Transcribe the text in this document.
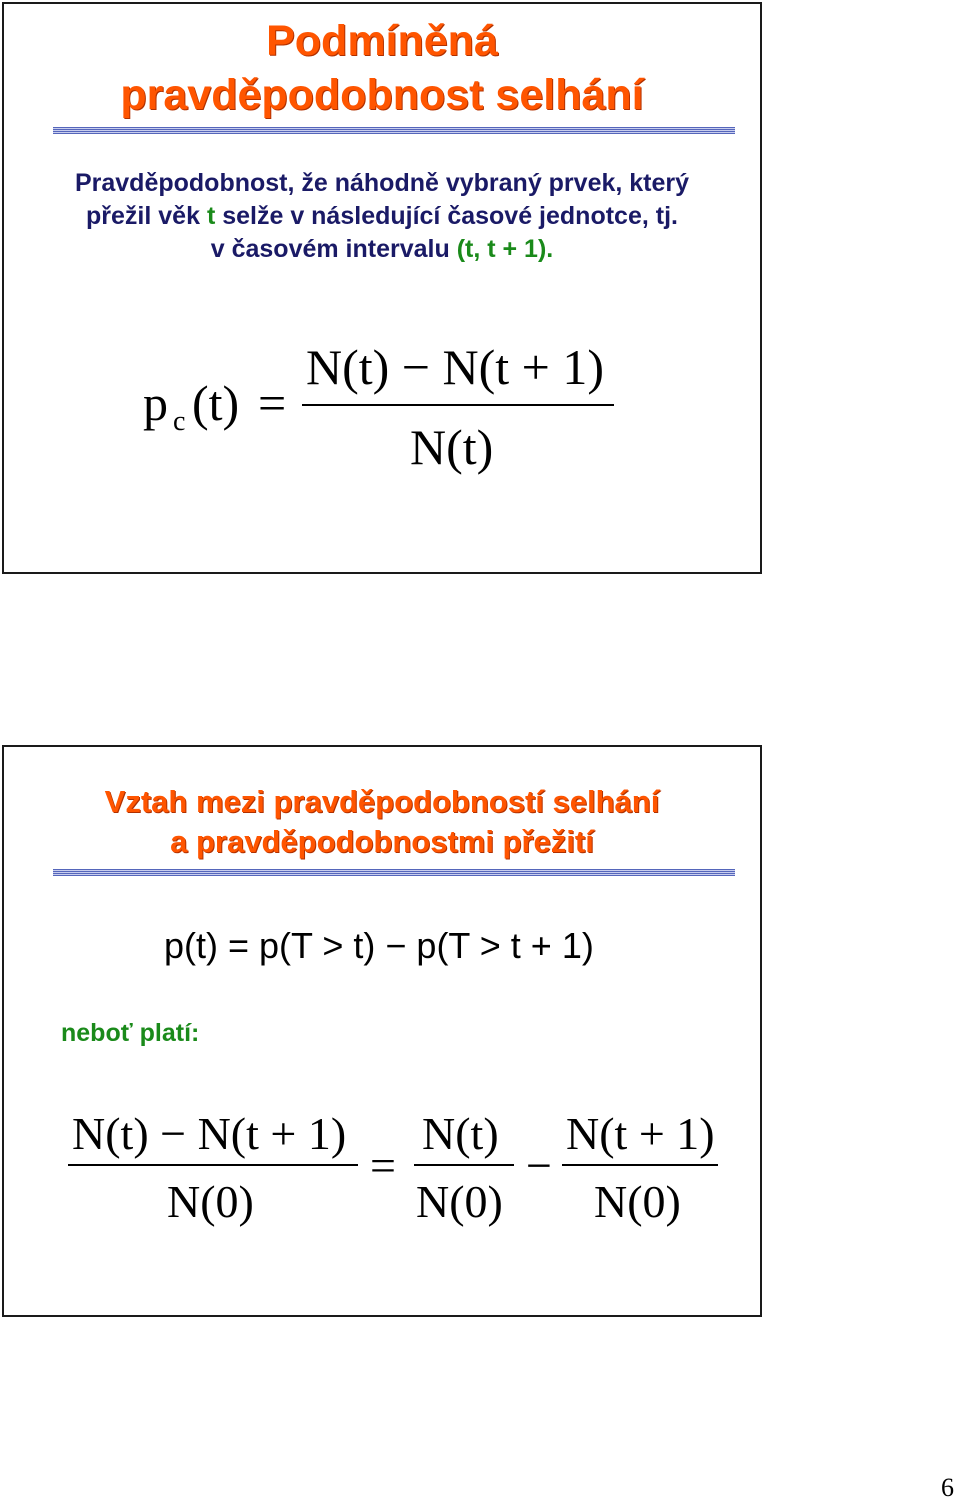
Podmíněná
pravděpodobnost selhání
Pravděpodobnost, že náhodně vybraný prvek, který
přežil věk t selže v následující časové jednotce, tj.
v časovém intervalu (t, t + 1).
p c (t) =
N(t) − N(t + 1)
N(t)
Vztah mezi pravděpodobností selhání
a pravděpodobnostmi přežití
p(t) = p(T > t) − p(T > t + 1)
neboť platí:
N(t) − N(t + 1)
N(0)
=
N(t)
N(0)
−
N(t + 1)
N(0)
6
